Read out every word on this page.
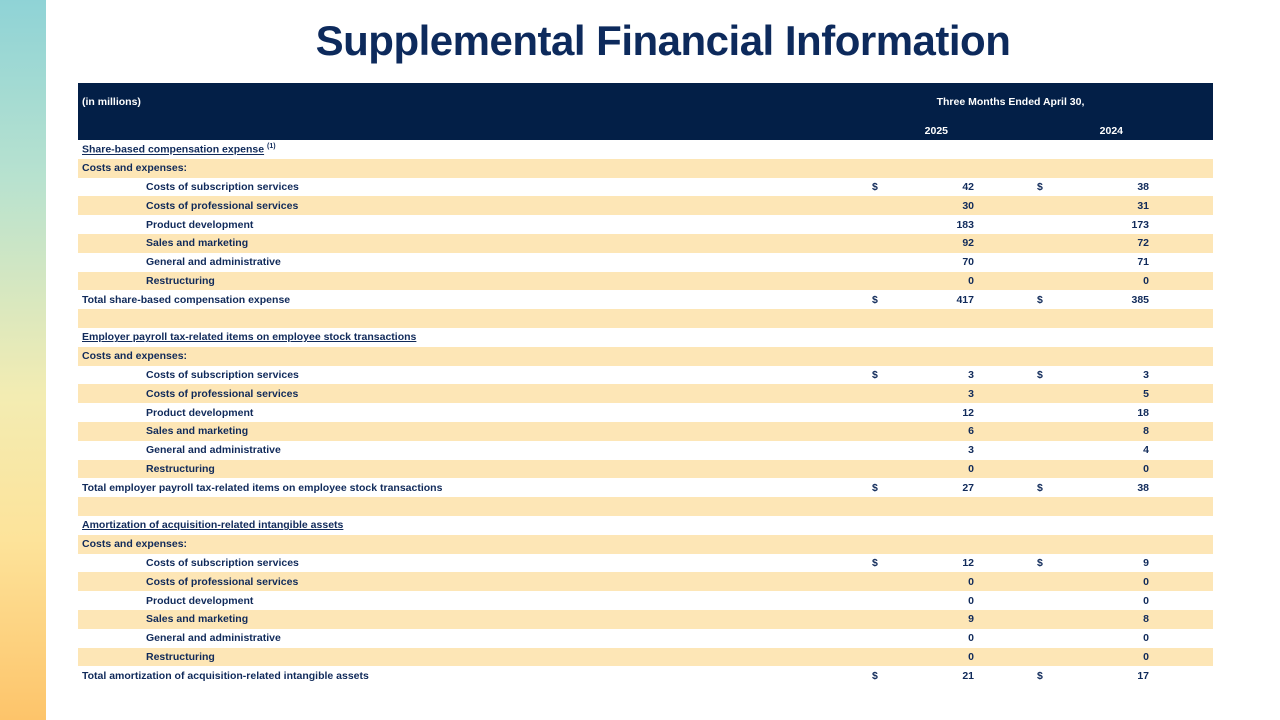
Supplemental Financial Information
(in millions)	Three Months Ended April 30,					
	2025			2024		
Share-based compensation expense $^{(1)}$
Costs and expenses:						
Costs of subscription services	$	42		$	38	
Costs of professional services		30			31	
Product development		183			173	
Sales and marketing		92			72	
General and administrative		70			71	
Restructuring		0			0	
Total share-based compensation expense	$	417		$	385	

Employer payroll tax-related items on employee stock transactions						
Costs and expenses:						
Costs of subscription services	$	3		$	3	
Costs of professional services		3			5	
Product development		12			18	
Sales and marketing		6			8	
General and administrative		3			4	
Restructuring		0			0	
Total employer payroll tax-related items on employee stock transactions	$	27		$	38	

Amortization of acquisition-related intangible assets						
Costs and expenses:						
Costs of subscription services	$	12		$	9	
Costs of professional services		0			0	
Product development		0			0	
Sales and marketing		9			8	
General and administrative		0			0	
Restructuring		0			0	
Total amortization of acquisition-related intangible assets	$	21		$	17	
